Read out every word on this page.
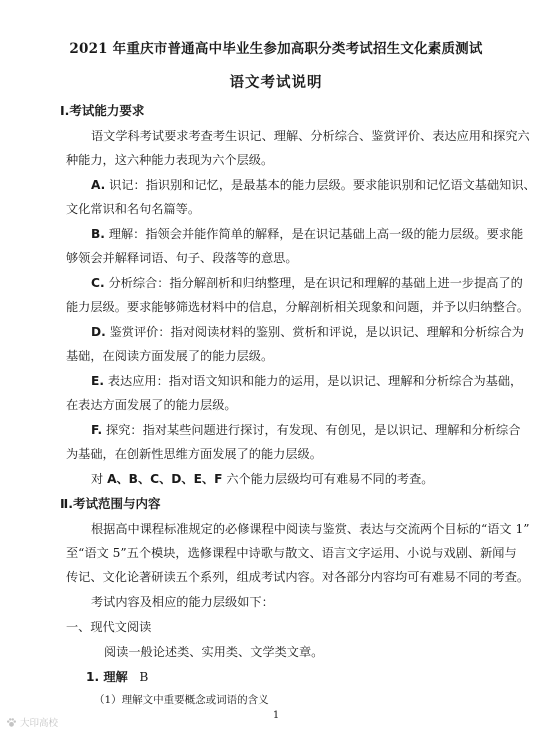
2021 年重庆市普通高中毕业生参加高职分类考试招生文化素质测试
语文考试说明
Ⅰ.考试能力要求
语文学科考试要求考查考生识记、理解、分析综合、鉴赏评价、表达应用和探究六
种能力，这六种能力表现为六个层级。
A. 识记：指识别和记忆，是最基本的能力层级。要求能识别和记忆语文基础知识、
文化常识和名句名篇等。
B. 理解：指领会并能作简单的解释，是在识记基础上高一级的能力层级。要求能
够领会并解释词语、句子、段落等的意思。
C. 分析综合：指分解剖析和归纳整理，是在识记和理解的基础上进一步提高了的
能力层级。要求能够筛选材料中的信息，分解剖析相关现象和问题，并予以归纳整合。
D. 鉴赏评价：指对阅读材料的鉴别、赏析和评说，是以识记、理解和分析综合为
基础，在阅读方面发展了的能力层级。
E. 表达应用：指对语文知识和能力的运用，是以识记、理解和分析综合为基础，
在表达方面发展了的能力层级。
F. 探究：指对某些问题进行探讨，有发现、有创见，是以识记、理解和分析综合
为基础，在创新性思维方面发展了的能力层级。
对 A、B、C、D、E、F 六个能力层级均可有难易不同的考查。
Ⅱ.考试范围与内容
根据高中课程标准规定的必修课程中阅读与鉴赏、表达与交流两个目标的“语文 1”
至“语文 5”五个模块，选修课程中诗歌与散文、语言文字运用、小说与戏剧、新闻与
传记、文化论著研读五个系列，组成考试内容。对各部分内容均可有难易不同的考查。
考试内容及相应的能力层级如下：
一、现代文阅读
阅读一般论述类、实用类、文学类文章。
1. 理解 B
（1）理解文中重要概念或词语的含义
1
大印高校
